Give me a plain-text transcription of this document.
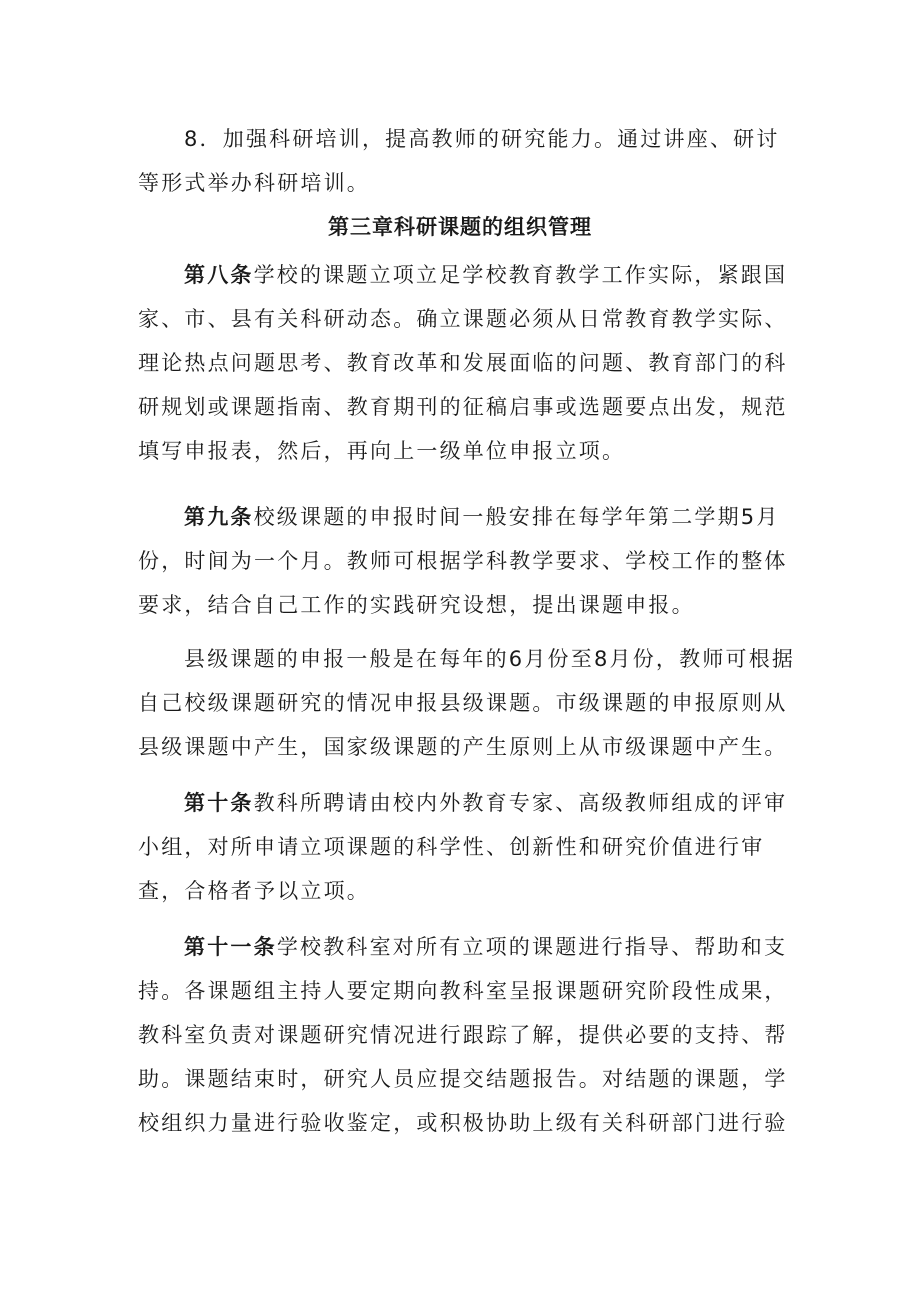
8．加强科研培训，提高教师的研究能力。通过讲座、研讨等形式举办科研培训。

第三章科研课题的组织管理

第八条学校的课题立项立足学校教育教学工作实际，紧跟国家、市、县有关科研动态。确立课题必须从日常教育教学实际、理论热点问题思考、教育改革和发展面临的问题、教育部门的科研规划或课题指南、教育期刊的征稿启事或选题要点出发，规范填写申报表，然后，再向上一级单位申报立项。

第九条校级课题的申报时间一般安排在每学年第二学期5月份，时间为一个月。教师可根据学科教学要求、学校工作的整体要求，结合自己工作的实践研究设想，提出课题申报。

县级课题的申报一般是在每年的6月份至8月份，教师可根据自己校级课题研究的情况申报县级课题。市级课题的申报原则从县级课题中产生，国家级课题的产生原则上从市级课题中产生。

第十条教科所聘请由校内外教育专家、高级教师组成的评审小组，对所申请立项课题的科学性、创新性和研究价值进行审查，合格者予以立项。

第十一条学校教科室对所有立项的课题进行指导、帮助和支持。各课题组主持人要定期向教科室呈报课题研究阶段性成果，教科室负责对课题研究情况进行跟踪了解，提供必要的支持、帮助。课题结束时，研究人员应提交结题报告。对结题的课题，学校组织力量进行验收鉴定，或积极协助上级有关科研部门进行验
